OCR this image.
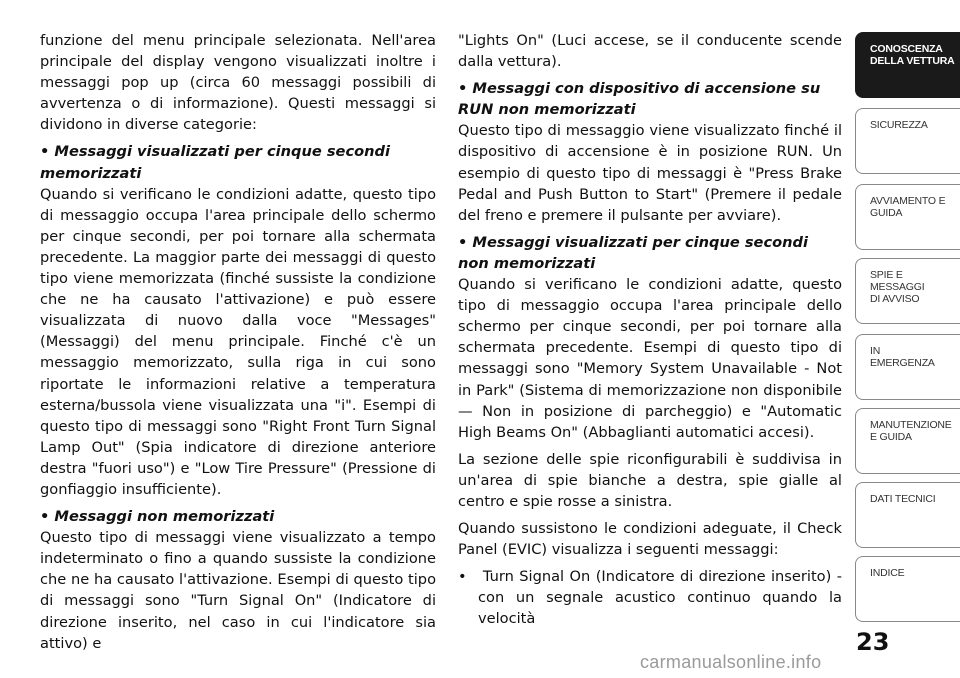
funzione del menu principale selezionata. Nell'area principale del display vengono visualizzati inoltre i messaggi pop up (circa 60 messaggi possibili di avvertenza o di informazione). Questi messaggi si dividono in diverse categorie:

• Messaggi visualizzati per cinque secondi memorizzati

Quando si verificano le condizioni adatte, questo tipo di messaggio occupa l'area principale dello schermo per cinque secondi, per poi tornare alla schermata precedente. La maggior parte dei messaggi di questo tipo viene memorizzata (finché sussiste la condizione che ne ha causato l'attivazione) e può essere visualizzata di nuovo dalla voce "Messages" (Messaggi) del menu principale. Finché c'è un messaggio memorizzato, sulla riga in cui sono riportate le informazioni relative a temperatura esterna/bussola viene visualizzata una "i". Esempi di questo tipo di messaggi sono "Right Front Turn Signal Lamp Out" (Spia indicatore di direzione anteriore destra "fuori uso") e "Low Tire Pressure" (Pressione di gonfiaggio insufficiente).

• Messaggi non memorizzati

Questo tipo di messaggi viene visualizzato a tempo indeterminato o fino a quando sussiste la condizione che ne ha causato l'attivazione. Esempi di questo tipo di messaggi sono "Turn Signal On" (Indicatore di direzione inserito, nel caso in cui l'indicatore sia attivo) e

"Lights On" (Luci accese, se il conducente scende dalla vettura).

• Messaggi con dispositivo di accensione su RUN non memorizzati

Questo tipo di messaggio viene visualizzato finché il dispositivo di accensione è in posizione RUN. Un esempio di questo tipo di messaggi è "Press Brake Pedal and Push Button to Start" (Premere il pedale del freno e premere il pulsante per avviare).

• Messaggi visualizzati per cinque secondi non memorizzati

Quando si verificano le condizioni adatte, questo tipo di messaggio occupa l'area principale dello schermo per cinque secondi, per poi tornare alla schermata precedente. Esempi di questo tipo di messaggi sono "Memory System Unavailable - Not in Park" (Sistema di memorizzazione non disponibile — Non in posizione di parcheggio) e "Automatic High Beams On" (Abbaglianti automatici accesi).

La sezione delle spie riconfigurabili è suddivisa in un'area di spie bianche a destra, spie gialle al centro e spie rosse a sinistra.

Quando sussistono le condizioni adeguate, il Check Panel (EVIC) visualizza i seguenti messaggi:

• Turn Signal On (Indicatore di direzione inserito) - con un segnale acustico continuo quando la velocità

CONOSCENZA
DELLA VETTURA
SICUREZZA
AVVIAMENTO E
GUIDA
SPIE E
MESSAGGI
DI AVVISO
IN
EMERGENZA
MANUTENZIONE
E GUIDA
DATI TECNICI
INDICE
23
carmanualsonline.info
